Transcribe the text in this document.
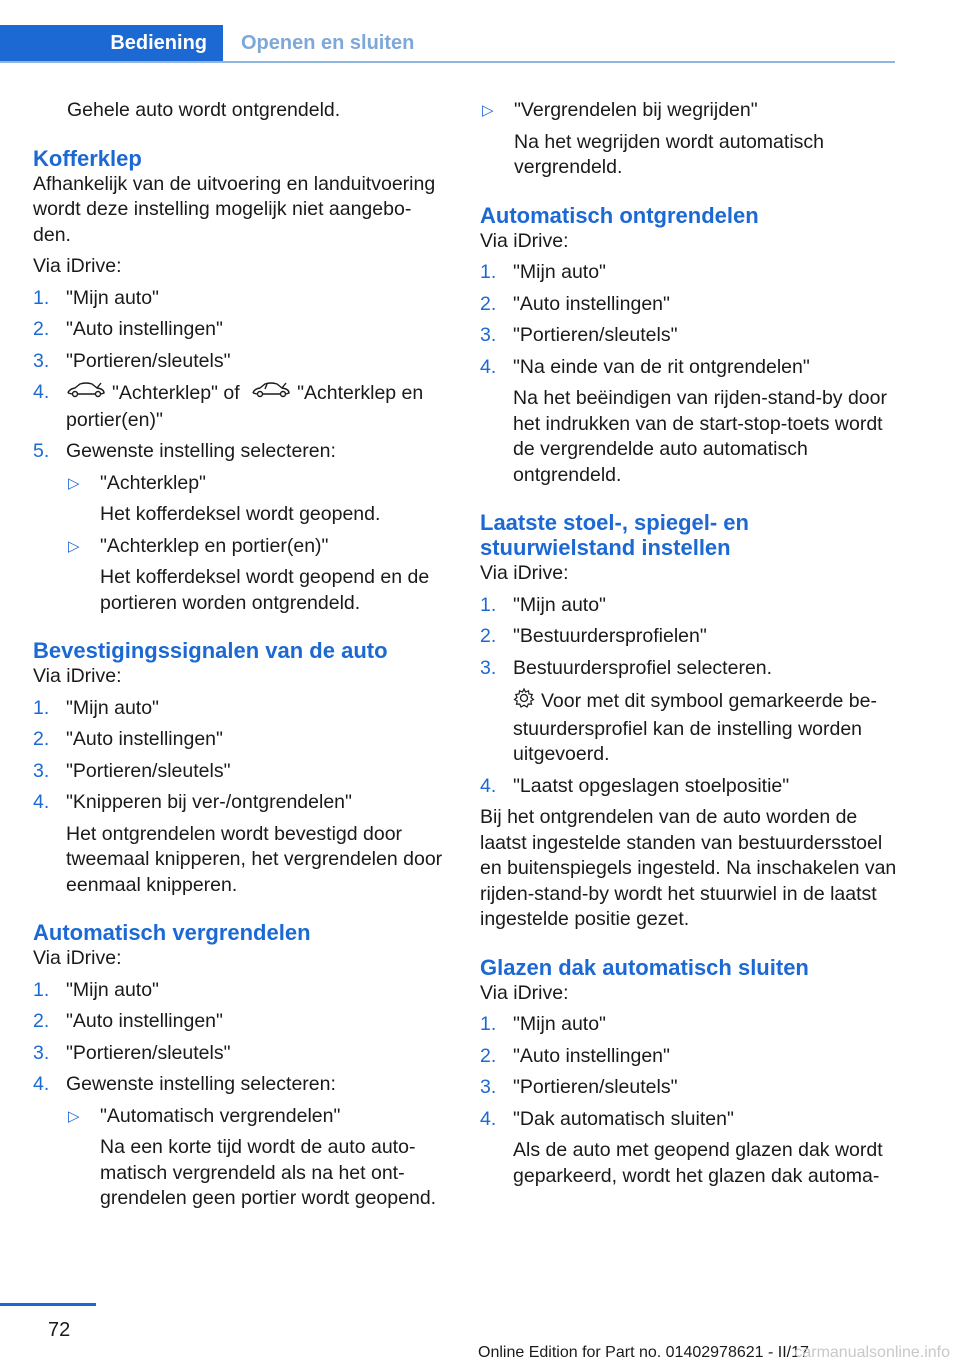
Bediening	Openen en sluiten

Gehele auto wordt ontgrendeld.

Kofferklep

Afhankelijk van de uitvoering en landuitvoering wordt deze instelling mogelijk niet aangebo-den.

Via iDrive:

1. "Mijn auto"
2. "Auto instellingen"
3. "Portieren/sleutels"
4.	"Achterklep" of	"Achterklep en portier(en)"
5. Gewenste instelling selecteren:
▷ "Achterklep"

Het kofferdeksel wordt geopend.

▷ "Achterklep en portier(en)"

Het kofferdeksel wordt geopend en de portieren worden ontgrendeld.

Bevestigingssignalen van de auto

Via iDrive:

1. "Mijn auto"
2. "Auto instellingen"
3. "Portieren/sleutels"
4. "Knipperen bij ver-/ontgrendelen"
Het ontgrendelen wordt bevestigd door tweemaal knipperen, het vergrendelen door eenmaal knipperen.
Automatisch vergrendelen

Via iDrive:

1. "Mijn auto"
2. "Auto instellingen"
3. "Portieren/sleutels"
4. Gewenste instelling selecteren:
▷ "Automatisch vergrendelen"

Na een korte tijd wordt de auto auto-matisch vergrendeld als na het ont-grendelen geen portier wordt geopend.

▷ "Vergrendelen bij wegrijden"

Na het wegrijden wordt automatisch vergrendeld.

Automatisch ontgrendelen

Via iDrive:

1. "Mijn auto"
2. "Auto instellingen"
3. "Portieren/sleutels"
4. "Na einde van de rit ontgrendelen"
Na het beëindigen van rijden-stand-by door het indrukken van de start-stop-toets wordt de vergrendelde auto automatisch ontgrendeld.
Laatste stoel-, spiegel- en stuurwielstand instellen

Via iDrive:

1. "Mijn auto"
2. "Bestuurdersprofielen"
3. Bestuurdersprofiel selecteren.
Voor met dit symbool gemarkeerde be-stuurdersprofiel kan de instelling worden uitgevoerd.
4. "Laatst opgeslagen stoelpositie"

Bij het ontgrendelen van de auto worden de laatst ingestelde standen van bestuurdersstoel en buitenspiegels ingesteld. Na inschakelen van rijden-stand-by wordt het stuurwiel in de laatst ingestelde positie gezet.

Glazen dak automatisch sluiten

Via iDrive:

1. "Mijn auto"
2. "Auto instellingen"
3. "Portieren/sleutels"
4. "Dak automatisch sluiten"
Als de auto met geopend glazen dak wordt geparkeerd, wordt het glazen dak automa-
72
Online Edition for Part no. 01402978621 - II/17
carmanualsonline.info
